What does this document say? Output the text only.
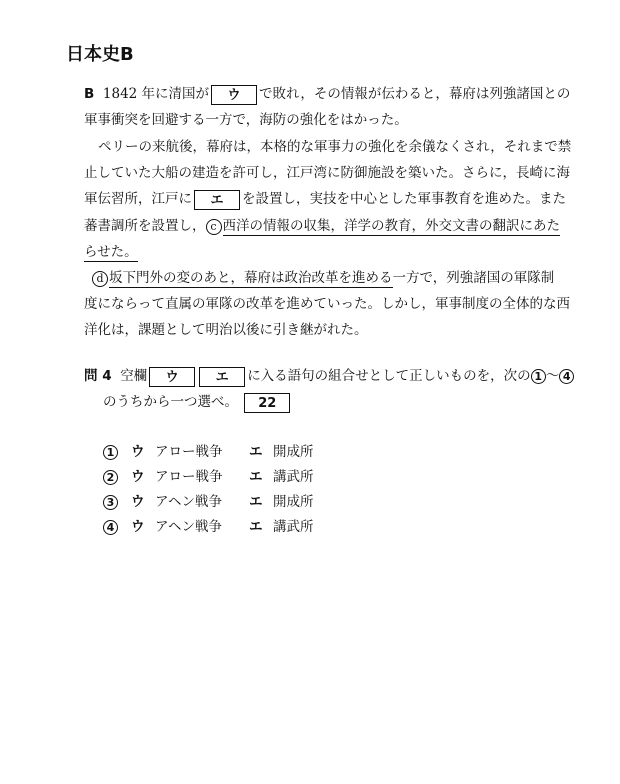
日本史B
B 1842 年に清国が ウ で敗れ，その情報が伝わると，幕府は列強諸国との
軍事衝突を回避する一方で，海防の強化をはかった。
ペリーの来航後，幕府は，本格的な軍事力の強化を余儀なくされ，それまで禁
止していた大船の建造を許可し，江戸湾に防御施設を築いた。さらに，長崎に海
軍伝習所，江戸に エ を設置し，実技を中心とした軍事教育を進めた。また
蕃書調所を設置し， c 西洋の情報の収集，洋学の教育，外交文書の翻訳にあた
らせた。
d 坂下門外の変のあと，幕府は政治改革を進める一方で，列強諸国の軍隊制
度にならって直属の軍隊の改革を進めていった。しかし，軍事制度の全体的な西
洋化は，課題として明治以後に引き継がれた。
問 4 空欄 ウ	エ に入る語句の組合せとして正しいものを，次の 1 〜 4
のうちから一つ選べ。 22
1 ウ アロー戦争 エ 開成所
2 ウ アロー戦争 エ 講武所
3 ウ アヘン戦争 エ 開成所
4 ウ アヘン戦争 エ 講武所
